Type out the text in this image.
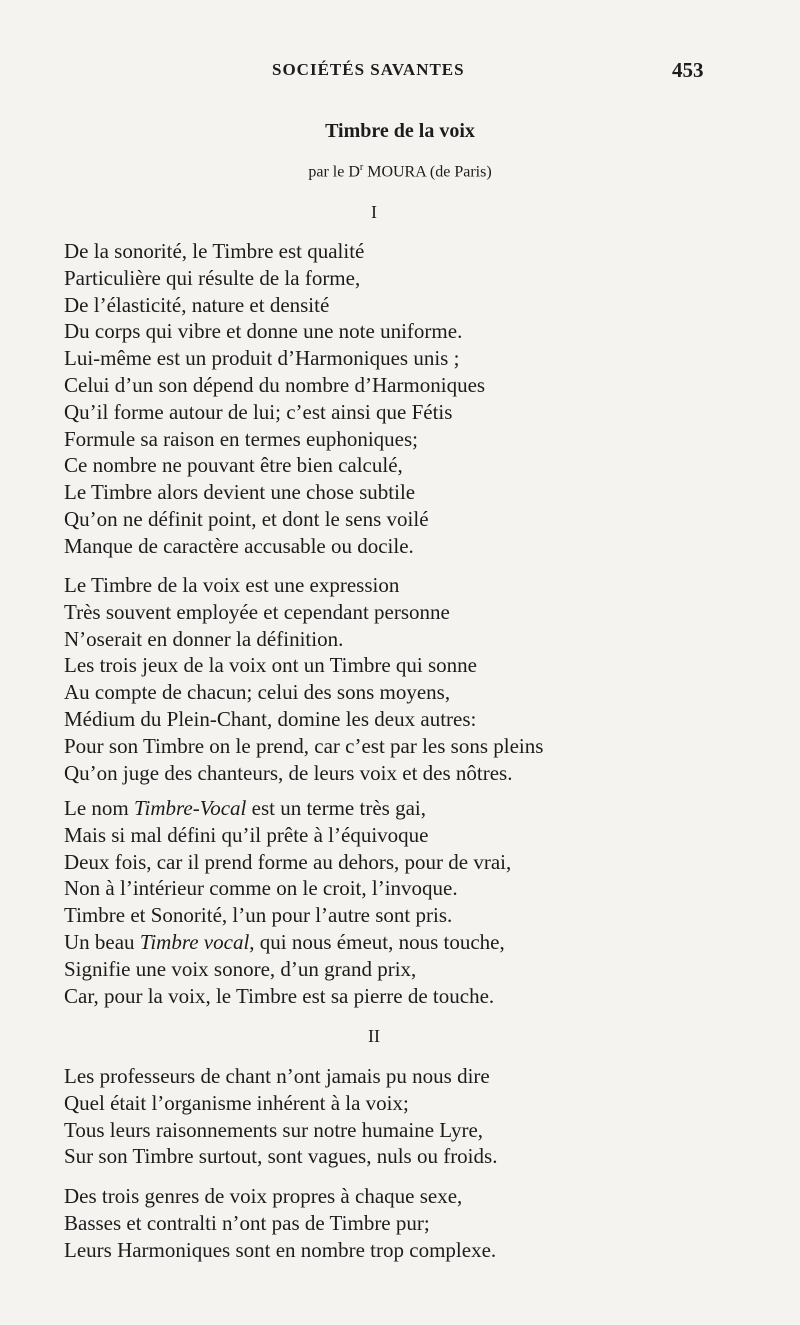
SOCIÉTÉS SAVANTES	453
Timbre de la voix
par le $D^r$ MOURA (de Paris)
I
De la sonorité, le Timbre est qualité
Particulière qui résulte de la forme,
De l’élasticité, nature et densité
Du corps qui vibre et donne une note uniforme.
Lui-même est un produit d’Harmoniques unis ;
Celui d’un son dépend du nombre d’Harmoniques
Qu’il forme autour de lui; c’est ainsi que Fétis
Formule sa raison en termes euphoniques;
Ce nombre ne pouvant être bien calculé,
Le Timbre alors devient une chose subtile
Qu’on ne définit point, et dont le sens voilé
Manque de caractère accusable ou docile.
Le Timbre de la voix est une expression
Très souvent employée et cependant personne
N’oserait en donner la définition.
Les trois jeux de la voix ont un Timbre qui sonne
Au compte de chacun; celui des sons moyens,
Médium du Plein-Chant, domine les deux autres:
Pour son Timbre on le prend, car c’est par les sons pleins
Qu’on juge des chanteurs, de leurs voix et des nôtres.
Le nom Timbre-Vocal est un terme très gai,
Mais si mal défini qu’il prête à l’équivoque
Deux fois, car il prend forme au dehors, pour de vrai,
Non à l’intérieur comme on le croit, l’invoque.
Timbre et Sonorité, l’un pour l’autre sont pris.
Un beau Timbre vocal, qui nous émeut, nous touche,
Signifie une voix sonore, d’un grand prix,
Car, pour la voix, le Timbre est sa pierre de touche.
II
Les professeurs de chant n’ont jamais pu nous dire
Quel était l’organisme inhérent à la voix;
Tous leurs raisonnements sur notre humaine Lyre,
Sur son Timbre surtout, sont vagues, nuls ou froids.
Des trois genres de voix propres à chaque sexe,
Basses et contralti n’ont pas de Timbre pur;
Leurs Harmoniques sont en nombre trop complexe.
